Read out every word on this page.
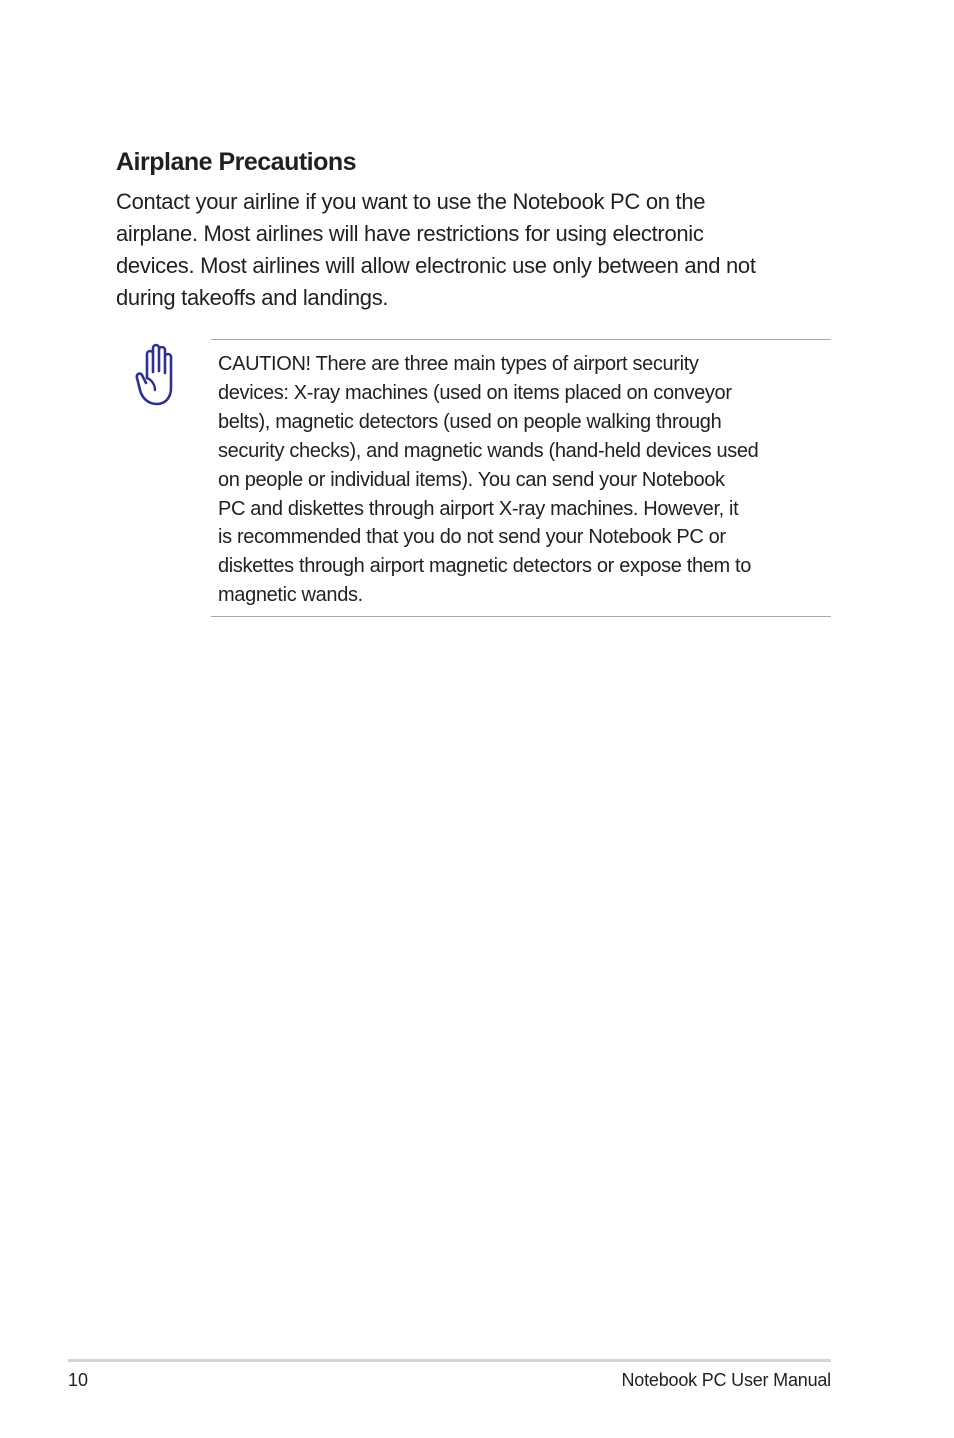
Airplane Precautions

Contact your airline if you want to use the Notebook PC on the
airplane. Most airlines will have restrictions for using electronic
devices. Most airlines will allow electronic use only between and not
during takeoffs and landings.

CAUTION! There are three main types of airport security
devices: X-ray machines (used on items placed on conveyor
belts), magnetic detectors (used on people walking through
security checks), and magnetic wands (hand-held devices used
on people or individual items). You can send your Notebook
PC and diskettes through airport X-ray machines. However, it
is recommended that you do not send your Notebook PC or
diskettes through airport magnetic detectors or expose them to
magnetic wands.

10	Notebook PC User Manual
